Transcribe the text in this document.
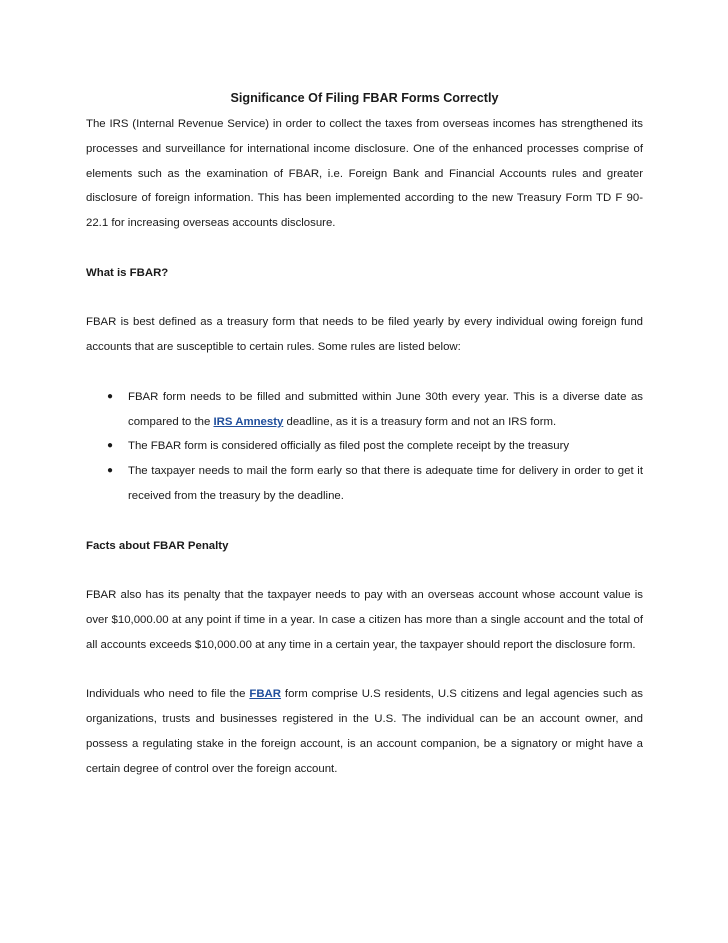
Significance Of Filing FBAR Forms Correctly

The IRS (Internal Revenue Service) in order to collect the taxes from overseas incomes has strengthened its processes and surveillance for international income disclosure. One of the enhanced processes comprise of elements such as the examination of FBAR, i.e. Foreign Bank and Financial Accounts rules and greater disclosure of foreign information. This has been implemented according to the new Treasury Form TD F 90-22.1 for increasing overseas accounts disclosure.

What is FBAR?

FBAR is best defined as a treasury form that needs to be filed yearly by every individual owing foreign fund accounts that are susceptible to certain rules. Some rules are listed below:

● FBAR form needs to be filled and submitted within June 30th every year. This is a diverse date as compared to the IRS Amnesty deadline, as it is a treasury form and not an IRS form.
● The FBAR form is considered officially as filed post the complete receipt by the treasury
● The taxpayer needs to mail the form early so that there is adequate time for delivery in order to get it received from the treasury by the deadline.
Facts about FBAR Penalty

FBAR also has its penalty that the taxpayer needs to pay with an overseas account whose account value is over $10,000.00 at any point if time in a year. In case a citizen has more than a single account and the total of all accounts exceeds $10,000.00 at any time in a certain year, the taxpayer should report the disclosure form.

Individuals who need to file the FBAR form comprise U.S residents, U.S citizens and legal agencies such as organizations, trusts and businesses registered in the U.S. The individual can be an account owner, and possess a regulating stake in the foreign account, is an account companion, be a signatory or might have a certain degree of control over the foreign account.
